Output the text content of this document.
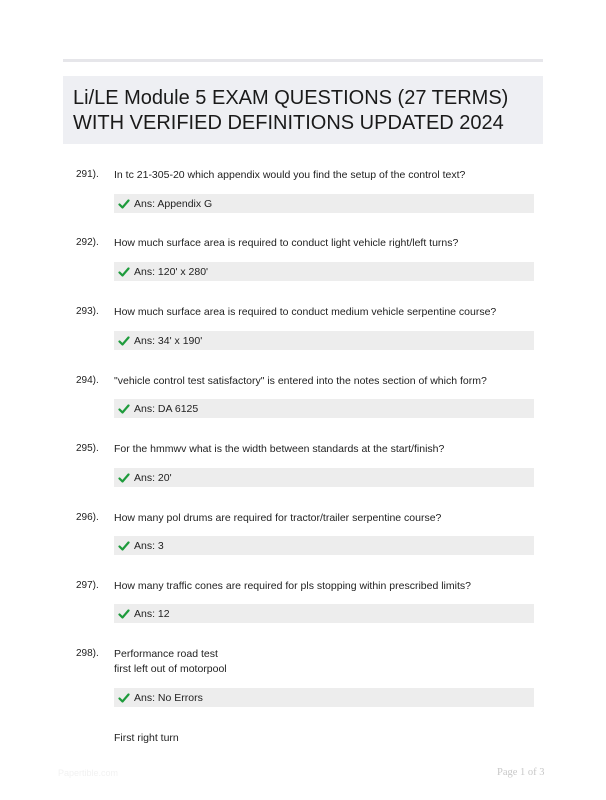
Li/LE Module 5 EXAM QUESTIONS (27 TERMS)

WITH VERIFIED DEFINITIONS UPDATED 2024

291). In tc 21-305-20 which appendix would you find the setup of the control text?
Ans: Appendix G
292). How much surface area is required to conduct light vehicle right/left turns?
Ans: 120' x 280'
293). How much surface area is required to conduct medium vehicle serpentine course?
Ans: 34' x 190'
294). "vehicle control test satisfactory" is entered into the notes section of which form?
Ans: DA 6125
295). For the hmmwv what is the width between standards at the start/finish?
Ans: 20'
296). How many pol drums are required for tractor/trailer serpentine course?
Ans: 3
297). How many traffic cones are required for pls stopping within prescribed limits?
Ans: 12
298). Performance road test
first left out of motorpool
Ans: No Errors
First right turn
Papertible.com	Page 1 of 3
